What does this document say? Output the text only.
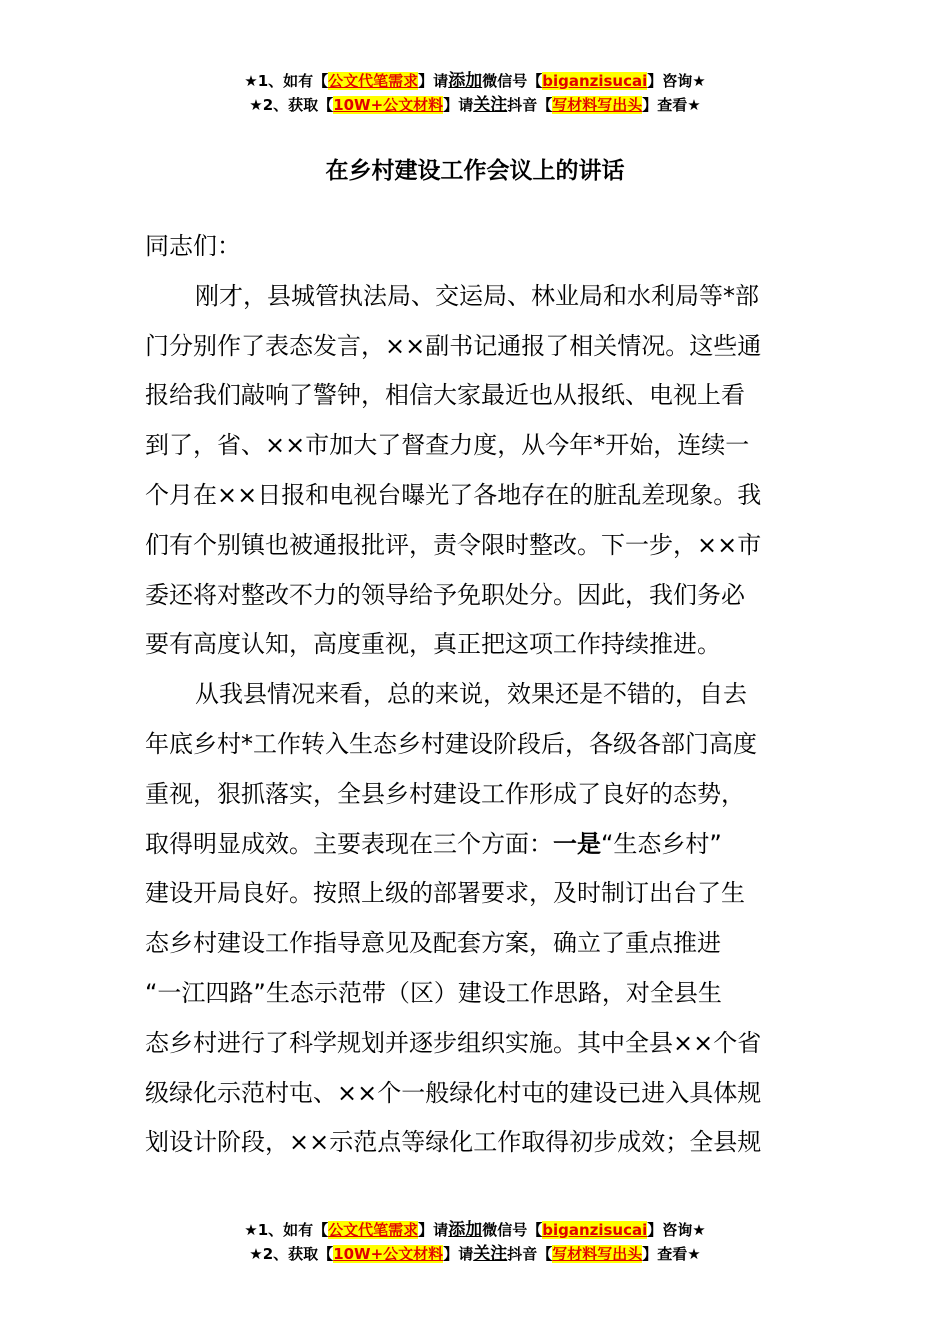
★1、如有【公文代笔需求】请添加微信号【biganzisucai】咨询★
★2、获取【10W+公文材料】请关注抖音【写材料写出头】查看★
在乡村建设工作会议上的讲话
同志们：
刚才，县城管执法局、交运局、林业局和水利局等*部
门分别作了表态发言，××副书记通报了相关情况。这些通
报给我们敲响了警钟，相信大家最近也从报纸、电视上看
到了，省、××市加大了督查力度，从今年*开始，连续一
个月在××日报和电视台曝光了各地存在的脏乱差现象。我
们有个别镇也被通报批评，责令限时整改。下一步，××市
委还将对整改不力的领导给予免职处分。因此，我们务必
要有高度认知，高度重视，真正把这项工作持续推进。
从我县情况来看，总的来说，效果还是不错的，自去
年底乡村*工作转入生态乡村建设阶段后，各级各部门高度
重视，狠抓落实，全县乡村建设工作形成了良好的态势，
取得明显成效。主要表现在三个方面：一是“生态乡村”
建设开局良好。按照上级的部署要求，及时制订出台了生
态乡村建设工作指导意见及配套方案，确立了重点推进
“一江四路”生态示范带（区）建设工作思路，对全县生
态乡村进行了科学规划并逐步组织实施。其中全县××个省
级绿化示范村屯、××个一般绿化村屯的建设已进入具体规
划设计阶段，××示范点等绿化工作取得初步成效；全县规
★1、如有【公文代笔需求】请添加微信号【biganzisucai】咨询★
★2、获取【10W+公文材料】请关注抖音【写材料写出头】查看★
